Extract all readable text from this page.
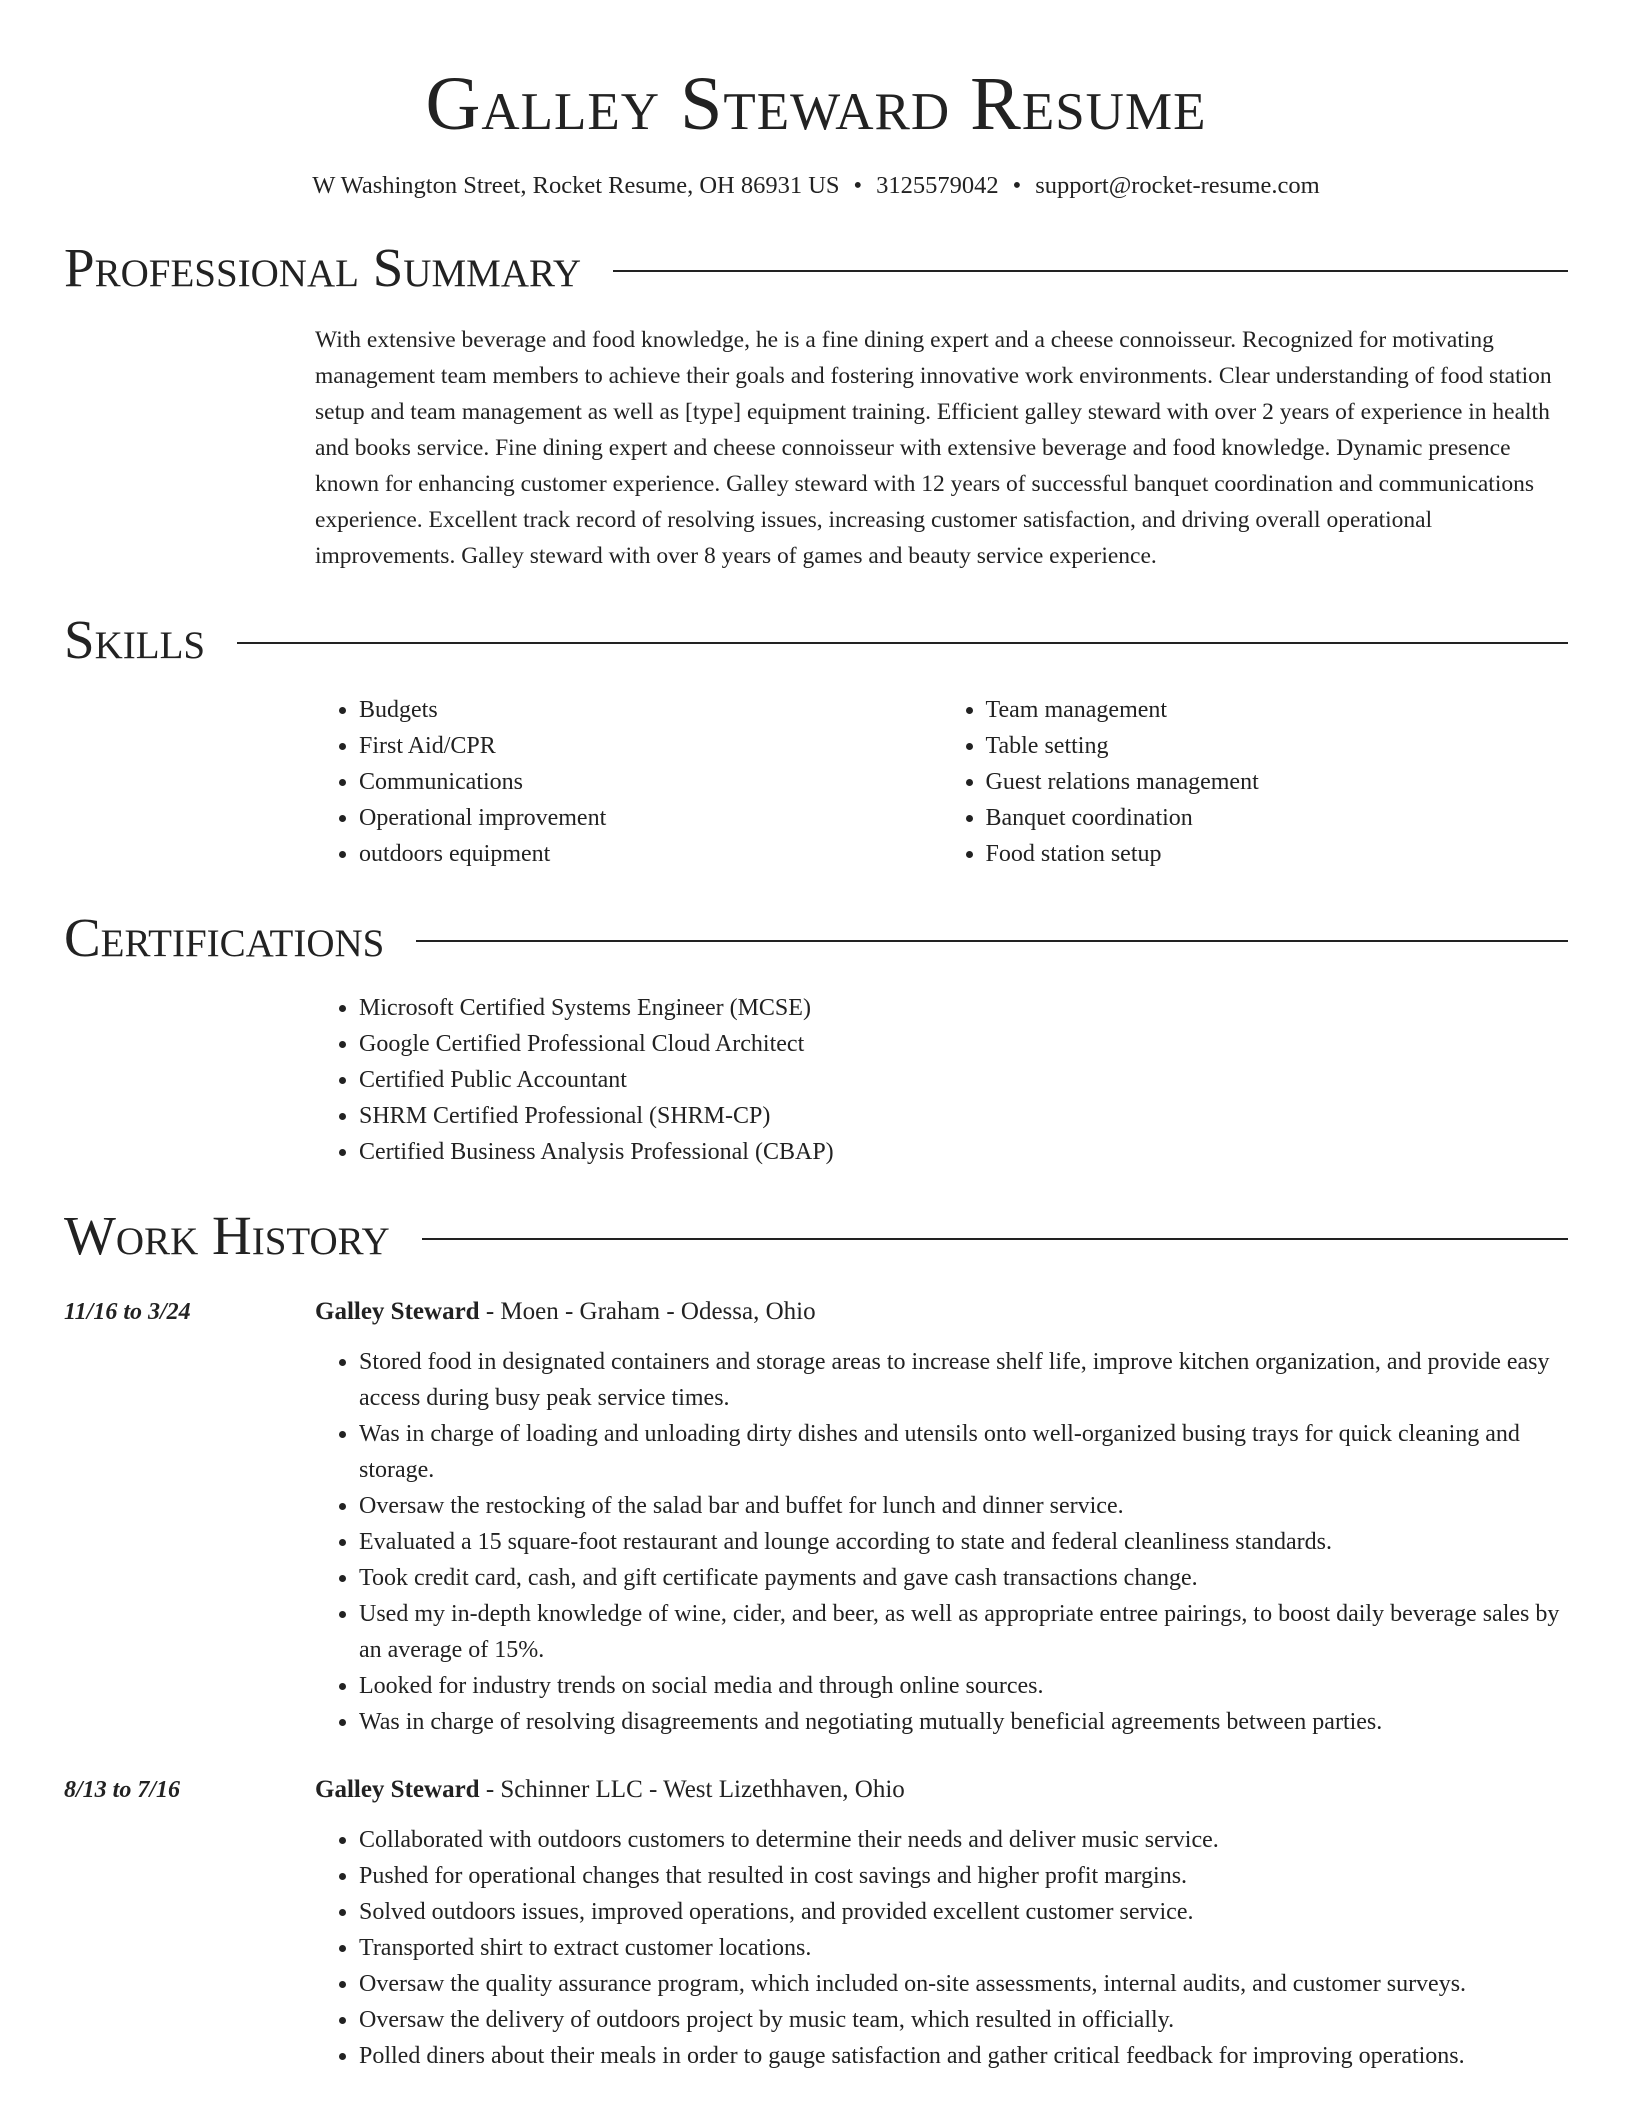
Galley Steward Resume
W Washington Street, Rocket Resume, OH 86931 US • 3125579042 • support@rocket-resume.com
Professional Summary
With extensive beverage and food knowledge, he is a fine dining expert and a cheese connoisseur. Recognized for motivating management team members to achieve their goals and fostering innovative work environments. Clear understanding of food station setup and team management as well as [type] equipment training. Efficient galley steward with over 2 years of experience in health and books service. Fine dining expert and cheese connoisseur with extensive beverage and food knowledge. Dynamic presence known for enhancing customer experience. Galley steward with 12 years of successful banquet coordination and communications experience. Excellent track record of resolving issues, increasing customer satisfaction, and driving overall operational improvements. Galley steward with over 8 years of games and beauty service experience.
Skills
• Budgets
• First Aid/CPR
• Communications
• Operational improvement
• outdoors equipment
• Team management
• Table setting
• Guest relations management
• Banquet coordination
• Food station setup
Certifications
• Microsoft Certified Systems Engineer (MCSE)
• Google Certified Professional Cloud Architect
• Certified Public Accountant
• SHRM Certified Professional (SHRM-CP)
• Certified Business Analysis Professional (CBAP)
Work History
11/16 to 3/24	Galley Steward - Moen - Graham - Odessa, Ohio
• Stored food in designated containers and storage areas to increase shelf life, improve kitchen organization, and provide easy access during busy peak service times.
• Was in charge of loading and unloading dirty dishes and utensils onto well-organized busing trays for quick cleaning and storage.
• Oversaw the restocking of the salad bar and buffet for lunch and dinner service.
• Evaluated a 15 square-foot restaurant and lounge according to state and federal cleanliness standards.
• Took credit card, cash, and gift certificate payments and gave cash transactions change.
• Used my in-depth knowledge of wine, cider, and beer, as well as appropriate entree pairings, to boost daily beverage sales by an average of 15%.
• Looked for industry trends on social media and through online sources.
• Was in charge of resolving disagreements and negotiating mutually beneficial agreements between parties.
8/13 to 7/16	Galley Steward - Schinner LLC - West Lizethhaven, Ohio
• Collaborated with outdoors customers to determine their needs and deliver music service.
• Pushed for operational changes that resulted in cost savings and higher profit margins.
• Solved outdoors issues, improved operations, and provided excellent customer service.
• Transported shirt to extract customer locations.
• Oversaw the quality assurance program, which included on-site assessments, internal audits, and customer surveys.
• Oversaw the delivery of outdoors project by music team, which resulted in officially.
• Polled diners about their meals in order to gauge satisfaction and gather critical feedback for improving operations.
